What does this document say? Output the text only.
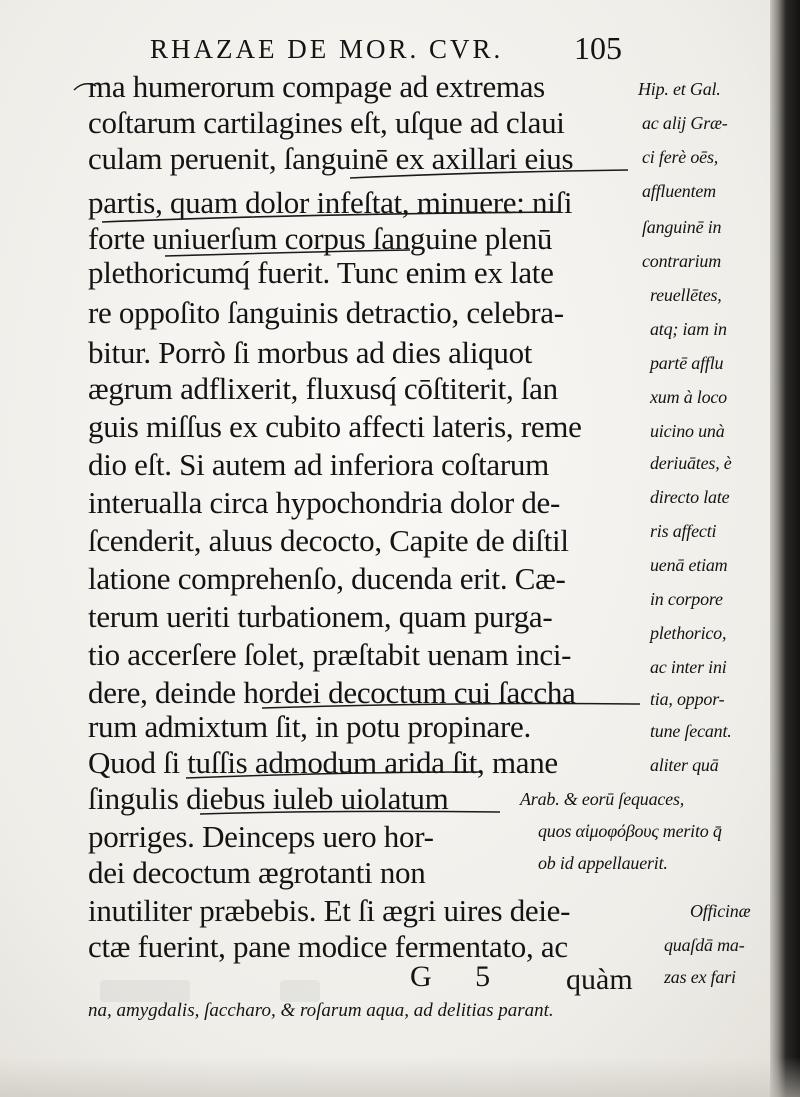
RHAZAE DE MOR. CVR. 105
ma humerorum compage ad extremas
coſtarum cartilagines eſt, uſque ad claui
culam peruenit, ſanguinē ex axillari eius
partis, quam dolor infeſtat, minuere: niſi
forte uniuerſum corpus ſanguine plenū
plethoricumq́ fuerit. Tunc enim ex late
re oppoſito ſanguinis detractio, celebra-
bitur. Porrò ſi morbus ad dies aliquot
ægrum adflixerit, fluxusq́ cōſtiterit, ſan
guis miſſus ex cubito affecti lateris, reme
dio eſt. Si autem ad inferiora coſtarum
interualla circa hypochondria dolor de-
ſcenderit, aluus decocto, Capite de diſtil
latione comprehenſo, ducenda erit. Cæ-
terum ueriti turbationem, quam purga-
tio accerſere ſolet, præſtabit uenam inci-
dere, deinde hordei decoctum cui ſaccha
rum admixtum ſit, in potu propinare.
Quod ſi tuſſis admodum arida ſit, mane
ſingulis diebus iuleb uiolatum
porriges. Deinceps uero hor-
dei decoctum ægrotanti non
inutiliter præbebis. Et ſi ægri uires deie-
ctæ fuerint, pane modice fermentato, ac
Hip. et Gal.
ac alij Græ-
ci ferè oēs,
affluentem
ſanguinē in
contrarium
reuellētes,
atq; iam in
partē afflu
xum à loco
uicino unà
deriuātes, è
directo late
ris affecti
uenā etiam
in corpore
plethorico,
ac inter ini
tia, oppor-
tune ſecant.
aliter quā
Arab. & eorū ſequaces,
quos αἱμοφόβους merito q̄
ob id appellauerit.
Officinæ
quaſdā ma-
zas ex fari
G 5 quàm
na, amygdalis, ſaccharo, & roſarum aqua, ad delitias parant.
